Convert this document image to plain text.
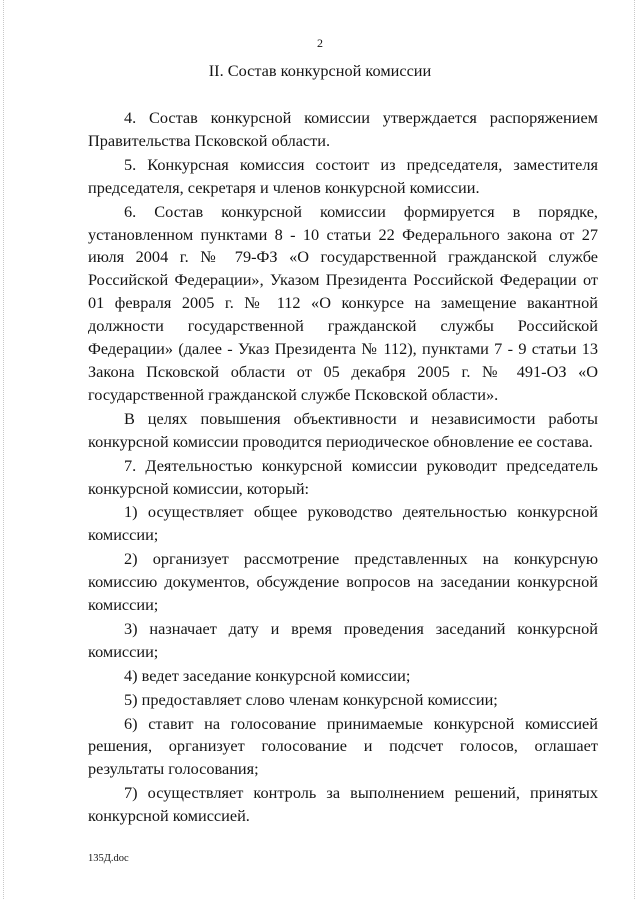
2
II. Состав конкурсной комиссии

4. Состав конкурсной комиссии утверждается распоряжением Правительства Псковской области.

5. Конкурсная комиссия состоит из председателя, заместителя председателя, секретаря и членов конкурсной комиссии.

6. Состав конкурсной комиссии формируется в порядке, установленном пунктами 8 - 10 статьи 22 Федерального закона от 27 июля 2004 г. № 79-ФЗ «О государственной гражданской службе Российской Федерации», Указом Президента Российской Федерации от 01 февраля 2005 г. № 112 «О конкурсе на замещение вакантной должности государственной гражданской службы Российской Федерации» (далее - Указ Президента № 112), пунктами 7 - 9 статьи 13 Закона Псковской области от 05 декабря 2005 г. № 491-ОЗ «О государственной гражданской службе Псковской области».

В целях повышения объективности и независимости работы конкурсной комиссии проводится периодическое обновление ее состава.

7. Деятельностью конкурсной комиссии руководит председатель конкурсной комиссии, который:

1) осуществляет общее руководство деятельностью конкурсной комиссии;

2) организует рассмотрение представленных на конкурсную комиссию документов, обсуждение вопросов на заседании конкурсной комиссии;

3) назначает дату и время проведения заседаний конкурсной комиссии;

4) ведет заседание конкурсной комиссии;

5) предоставляет слово членам конкурсной комиссии;

6) ставит на голосование принимаемые конкурсной комиссией решения, организует голосование и подсчет голосов, оглашает результаты голосования;

7) осуществляет контроль за выполнением решений, принятых конкурсной комиссией.

135Д.doc
